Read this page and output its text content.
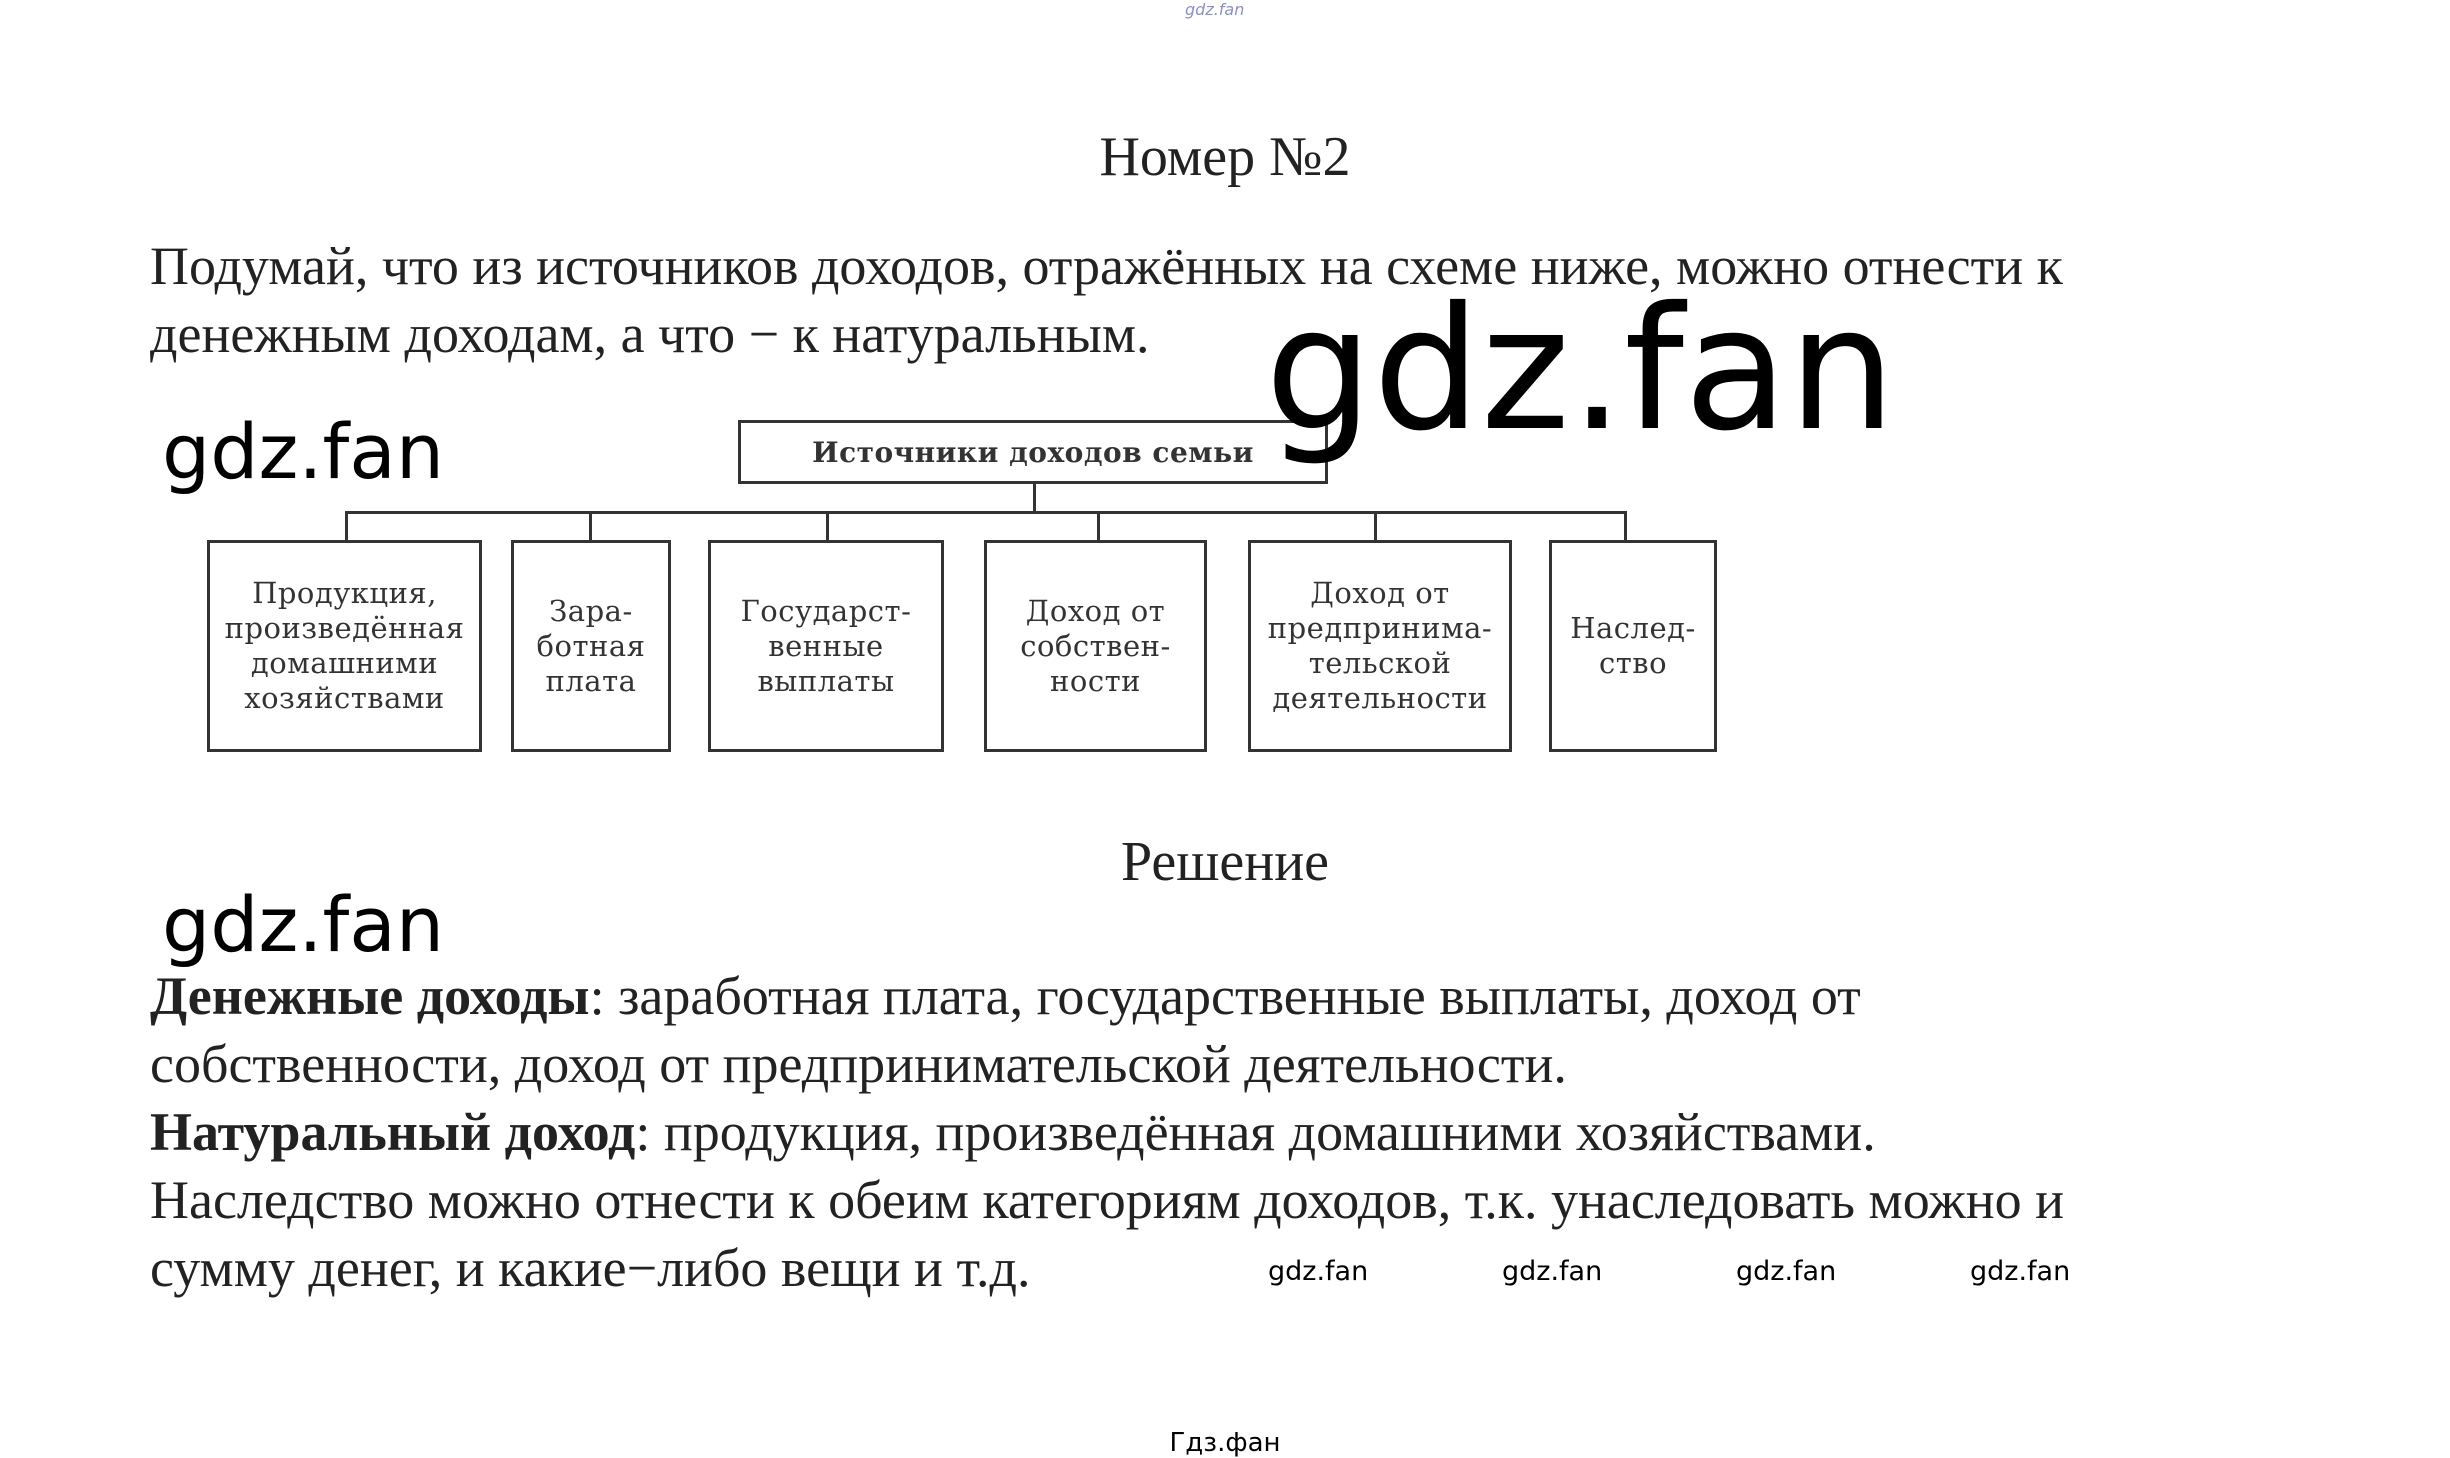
gdz.fan
Номер №2
Подумай, что из источников доходов, отражённых на схеме ниже, можно отнести к
денежным доходам, а что − к натуральным.
Источники доходов семьи
Продукция,
произведённая
домашними
хозяйствами
Зара-
ботная
плата
Государст-
венные
выплаты
Доход от
собствен-
ности
Доход от
предпринима-
тельской
деятельности
Наслед-
ство
Решение
Денежные доходы: заработная плата, государственные выплаты, доход от
собственности, доход от предпринимательской деятельности.
Натуральный доход: продукция, произведённая домашними хозяйствами.
Наследство можно отнести к обеим категориям доходов, т.к. унаследовать можно и
сумму денег, и какие−либо вещи и т.д.
gdz.fan
gdz.fan
gdz.fan
gdz.fan	gdz.fan	gdz.fan	gdz.fan
Гдз.фан
